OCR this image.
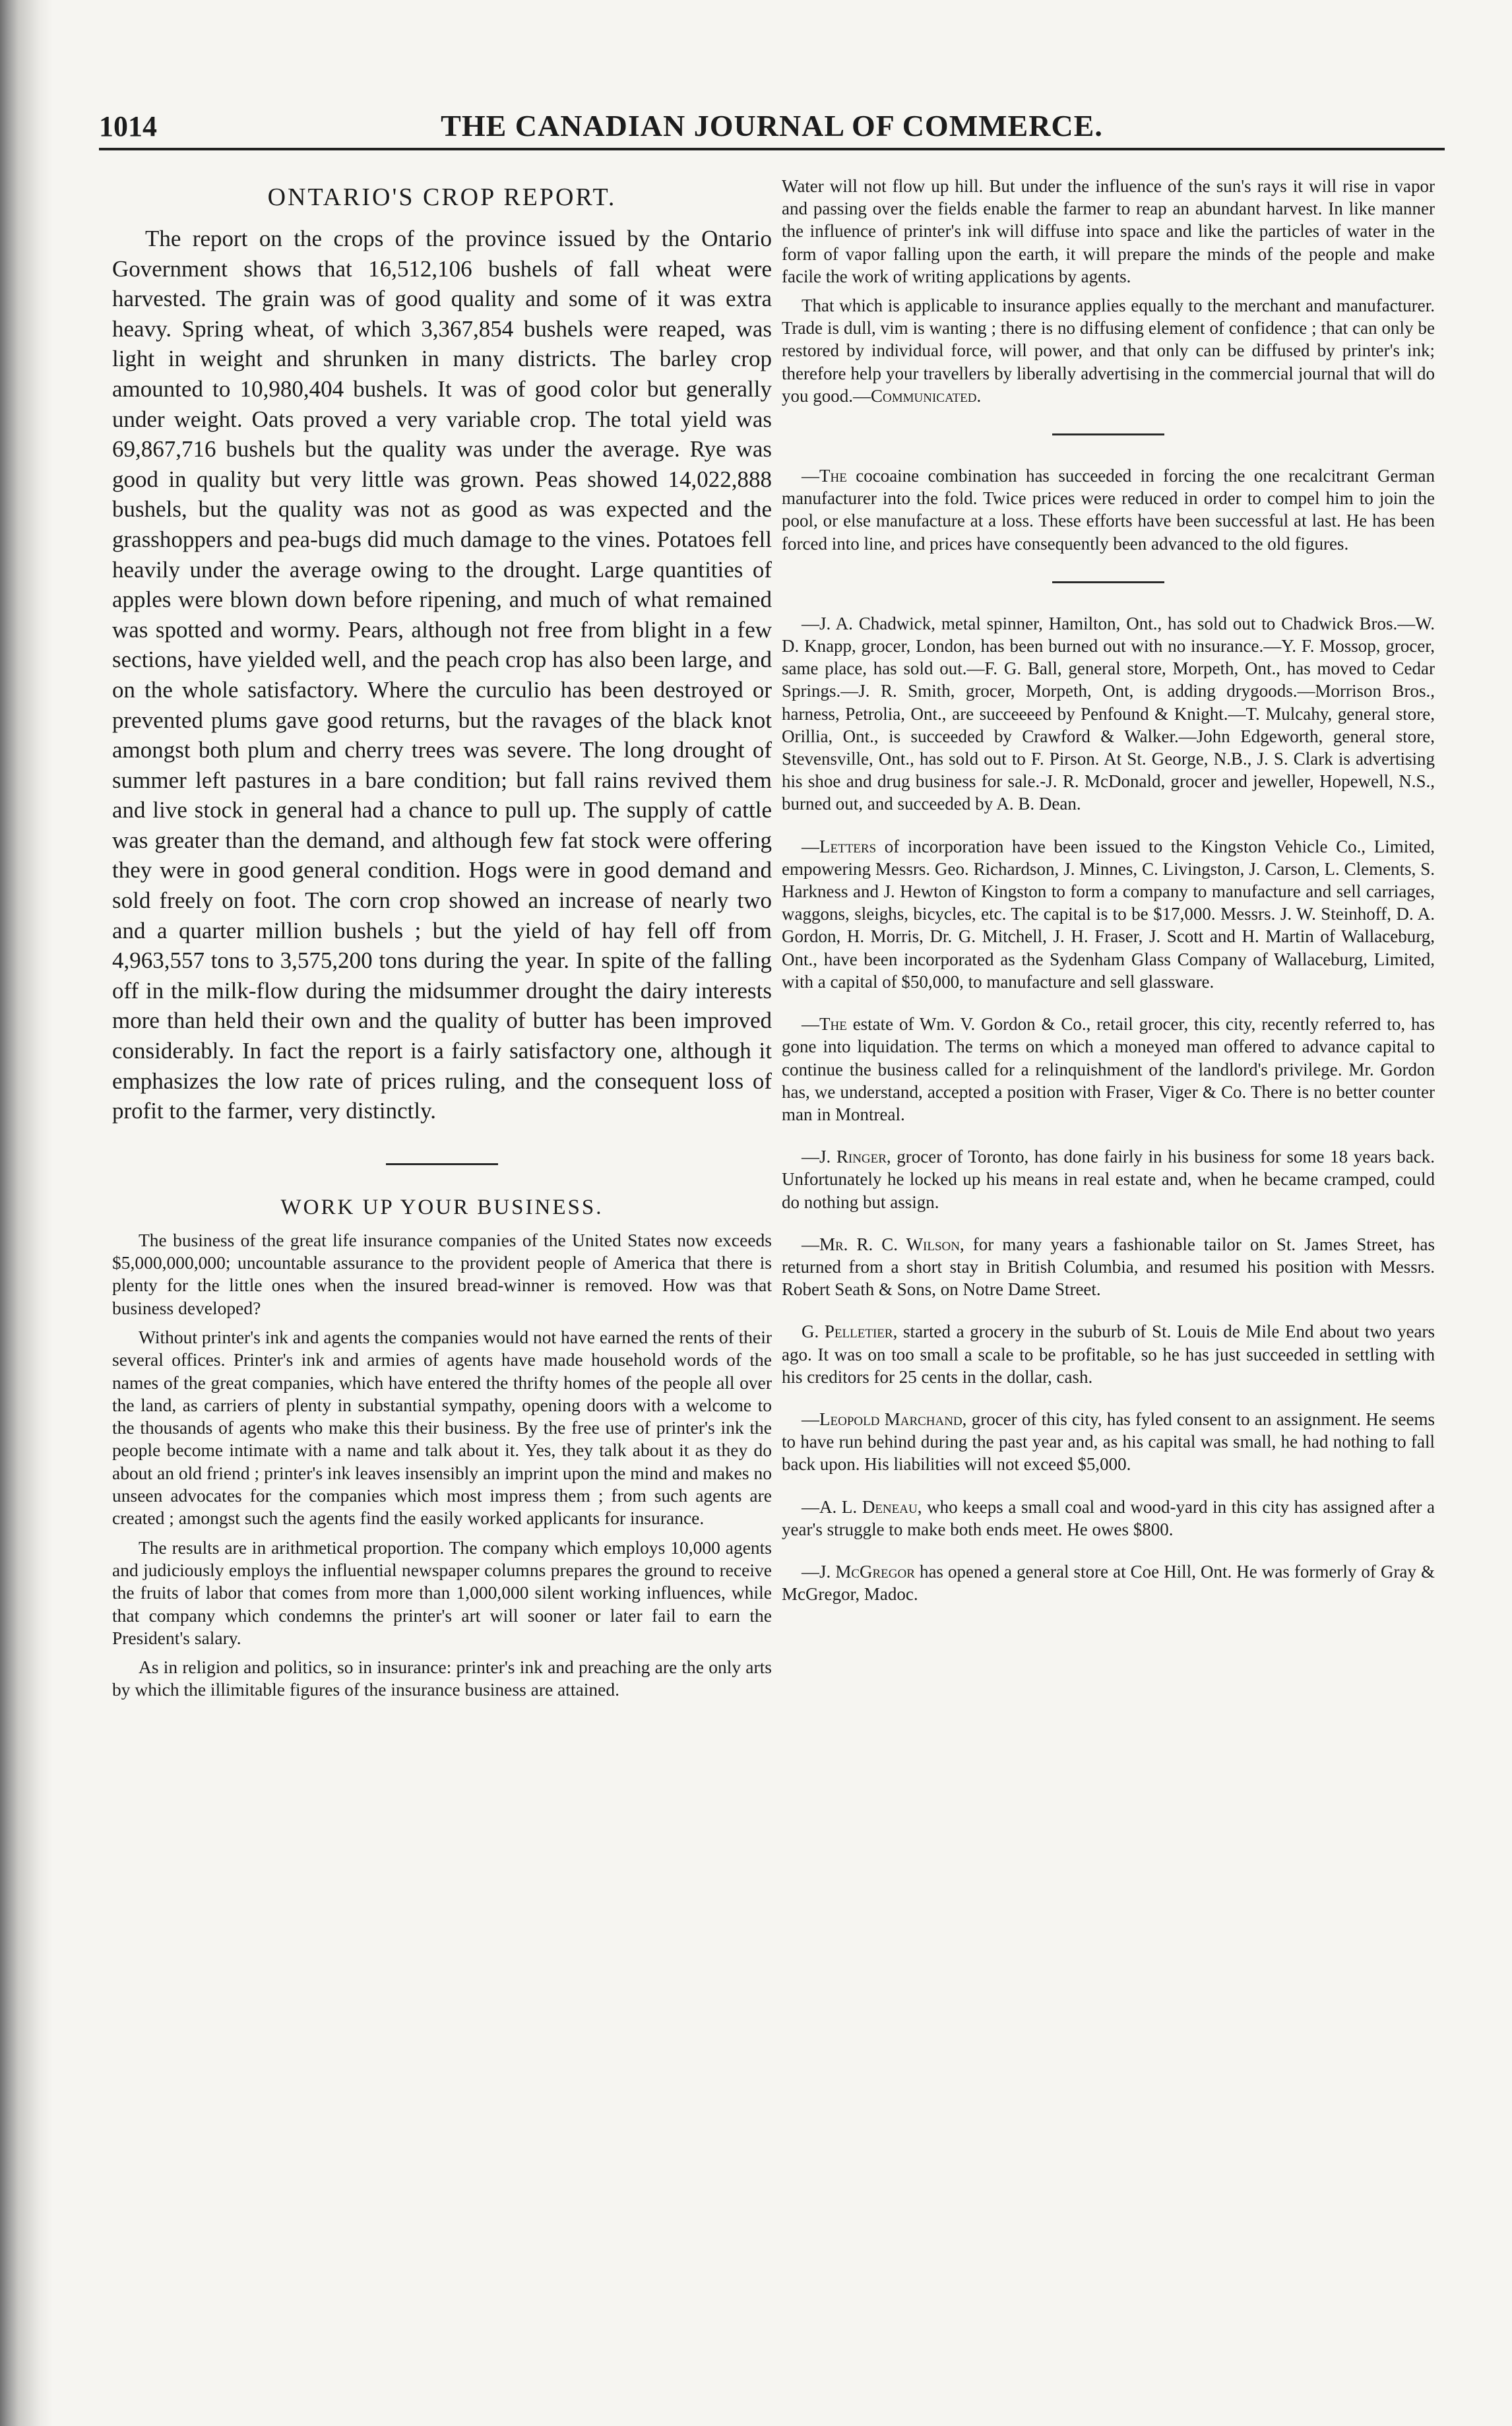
1014	THE CANADIAN JOURNAL OF COMMERCE.
ONTARIO'S CROP REPORT.

The report on the crops of the province issued by the Ontario Government shows that 16,512,106 bushels of fall wheat were harvested. The grain was of good quality and some of it was extra heavy. Spring wheat, of which 3,367,854 bushels were reaped, was light in weight and shrunken in many districts. The barley crop amounted to 10,980,404 bushels. It was of good color but generally under weight. Oats proved a very variable crop. The total yield was 69,867,716 bushels but the quality was under the average. Rye was good in quality but very little was grown. Peas showed 14,022,888 bushels, but the quality was not as good as was expected and the grasshoppers and pea-bugs did much damage to the vines. Potatoes fell heavily under the average owing to the drought. Large quantities of apples were blown down before ripening, and much of what remained was spotted and wormy. Pears, although not free from blight in a few sections, have yielded well, and the peach crop has also been large, and on the whole satisfactory. Where the curculio has been destroyed or prevented plums gave good returns, but the ravages of the black knot amongst both plum and cherry trees was severe. The long drought of summer left pastures in a bare condition; but fall rains revived them and live stock in general had a chance to pull up. The supply of cattle was greater than the demand, and although few fat stock were offering they were in good general condition. Hogs were in good demand and sold freely on foot. The corn crop showed an increase of nearly two and a quarter million bushels ; but the yield of hay fell off from 4,963,557 tons to 3,575,200 tons during the year. In spite of the falling off in the milk-flow during the midsummer drought the dairy interests more than held their own and the quality of butter has been improved considerably. In fact the report is a fairly satisfactory one, although it emphasizes the low rate of prices ruling, and the consequent loss of profit to the farmer, very distinctly.

WORK UP YOUR BUSINESS.

The business of the great life insurance companies of the United States now exceeds $5,000,000,000; uncountable assurance to the provident people of America that there is plenty for the little ones when the insured bread-winner is removed. How was that business developed?

Without printer's ink and agents the companies would not have earned the rents of their several offices. Printer's ink and armies of agents have made household words of the names of the great companies, which have entered the thrifty homes of the people all over the land, as carriers of plenty in substantial sympathy, opening doors with a welcome to the thousands of agents who make this their business. By the free use of printer's ink the people become intimate with a name and talk about it. Yes, they talk about it as they do about an old friend ; printer's ink leaves insensibly an imprint upon the mind and makes no unseen advocates for the companies which most impress them ; from such agents are created ; amongst such the agents find the easily worked applicants for insurance.

The results are in arithmetical proportion. The company which employs 10,000 agents and judiciously employs the influential newspaper columns prepares the ground to receive the fruits of labor that comes from more than 1,000,000 silent working influences, while that company which condemns the printer's art will sooner or later fail to earn the President's salary.

As in religion and politics, so in insurance: printer's ink and preaching are the only arts by which the illimitable figures of the insurance business are attained.

Water will not flow up hill. But under the influence of the sun's rays it will rise in vapor and passing over the fields enable the farmer to reap an abundant harvest. In like manner the influence of printer's ink will diffuse into space and like the particles of water in the form of vapor falling upon the earth, it will prepare the minds of the people and make facile the work of writing applications by agents.

That which is applicable to insurance applies equally to the merchant and manufacturer. Trade is dull, vim is wanting ; there is no diffusing element of confidence ; that can only be restored by individual force, will power, and that only can be diffused by printer's ink; therefore help your travellers by liberally advertising in the commercial journal that will do you good.—Communicated.

—The cocoaine combination has succeeded in forcing the one recalcitrant German manufacturer into the fold. Twice prices were reduced in order to compel him to join the pool, or else manufacture at a loss. These efforts have been successful at last. He has been forced into line, and prices have consequently been advanced to the old figures.

—J. A. Chadwick, metal spinner, Hamilton, Ont., has sold out to Chadwick Bros.—W. D. Knapp, grocer, London, has been burned out with no insurance.—Y. F. Mossop, grocer, same place, has sold out.—F. G. Ball, general store, Morpeth, Ont., has moved to Cedar Springs.—J. R. Smith, grocer, Morpeth, Ont, is adding drygoods.—Morrison Bros., harness, Petrolia, Ont., are succeeeed by Penfound & Knight.—T. Mulcahy, general store, Orillia, Ont., is succeeded by Crawford & Walker.—John Edgeworth, general store, Stevensville, Ont., has sold out to F. Pirson. At St. George, N.B., J. S. Clark is advertising his shoe and drug business for sale.-J. R. McDonald, grocer and jeweller, Hopewell, N.S., burned out, and succeeded by A. B. Dean.

—Letters of incorporation have been issued to the Kingston Vehicle Co., Limited, empowering Messrs. Geo. Richardson, J. Minnes, C. Livingston, J. Carson, L. Clements, S. Harkness and J. Hewton of Kingston to form a company to manufacture and sell carriages, waggons, sleighs, bicycles, etc. The capital is to be $17,000. Messrs. J. W. Steinhoff, D. A. Gordon, H. Morris, Dr. G. Mitchell, J. H. Fraser, J. Scott and H. Martin of Wallaceburg, Ont., have been incorporated as the Sydenham Glass Company of Wallaceburg, Limited, with a capital of $50,000, to manufacture and sell glassware.

—The estate of Wm. V. Gordon & Co., retail grocer, this city, recently referred to, has gone into liquidation. The terms on which a moneyed man offered to advance capital to continue the business called for a relinquishment of the landlord's privilege. Mr. Gordon has, we understand, accepted a position with Fraser, Viger & Co. There is no better counter man in Montreal.

—J. Ringer, grocer of Toronto, has done fairly in his business for some 18 years back. Unfortunately he locked up his means in real estate and, when he became cramped, could do nothing but assign.

—Mr. R. C. Wilson, for many years a fashionable tailor on St. James Street, has returned from a short stay in British Columbia, and resumed his position with Messrs. Robert Seath & Sons, on Notre Dame Street.

G. Pelletier, started a grocery in the suburb of St. Louis de Mile End about two years ago. It was on too small a scale to be profitable, so he has just succeeded in settling with his creditors for 25 cents in the dollar, cash.

—Leopold Marchand, grocer of this city, has fyled consent to an assignment. He seems to have run behind during the past year and, as his capital was small, he had nothing to fall back upon. His liabilities will not exceed $5,000.

—A. L. Deneau, who keeps a small coal and wood-yard in this city has assigned after a year's struggle to make both ends meet. He owes $800.

—J. McGregor has opened a general store at Coe Hill, Ont. He was formerly of Gray & McGregor, Madoc.
